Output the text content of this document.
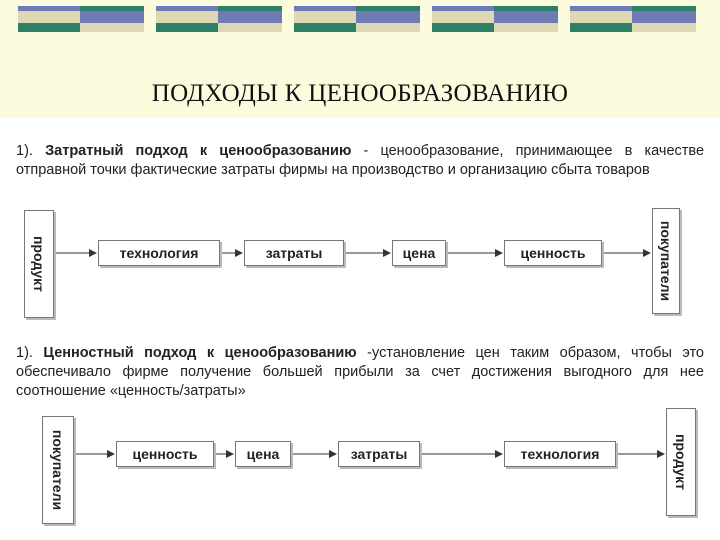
ПОДХОДЫ К ЦЕНООБРАЗОВАНИЮ
1). Затратный подход к ценообразованию - ценообразование, принимающее в качестве отправной точки фактические затраты фирмы на производство и организацию сбыта товаров
продукт	технология	затраты	цена	ценность	покупатели
1). Ценностный подход к ценообразованию -установление цен таким образом, чтобы это обеспечивало фирме получение большей прибыли за счет достижения выгодного для нее соотношение «ценность/затраты»
покупатели	ценность	цена	затраты	технология	продукт
